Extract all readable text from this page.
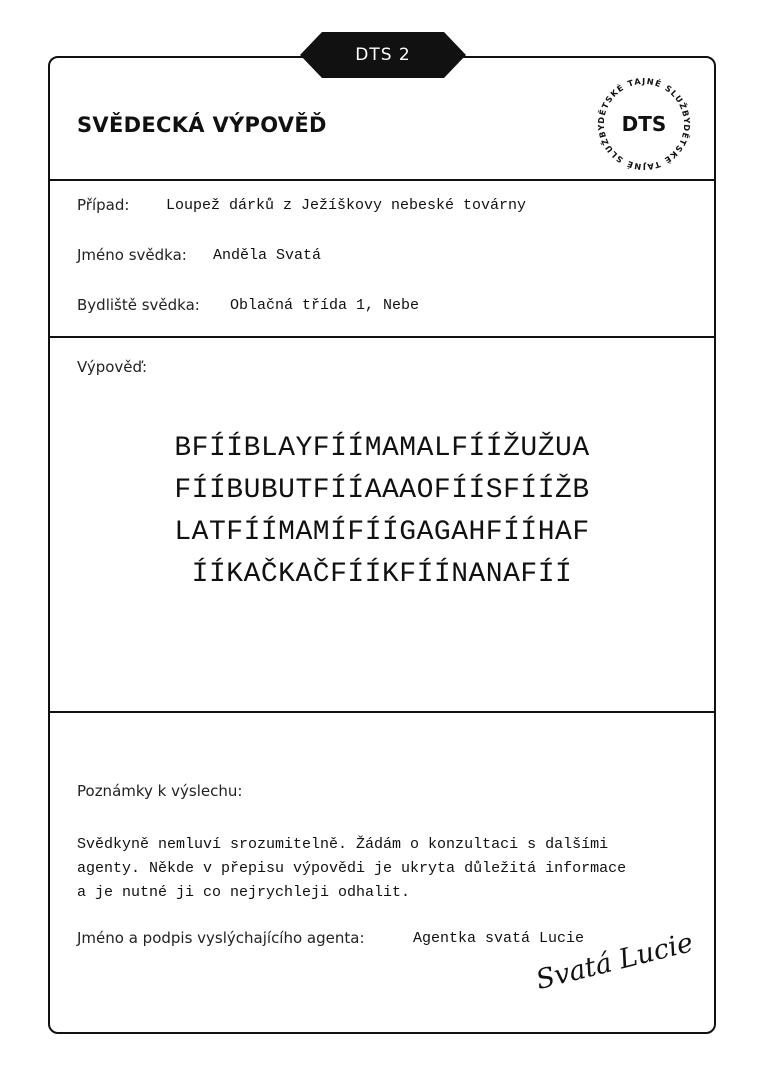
DTS 2
SVĚDECKÁ VÝPOVĚĎ	DĚTSKÉ TAJNÉ SLUŽBY
DĚTSKÉ TAJNÉ SLUŽBY DTS
Případ: Loupež dárků z Ježíškovy nebeské továrny
Jméno svědka: Anděla Svatá
Bydliště svědka: Oblačná třída 1, Nebe
Výpověď:
BFÍÍBLAYFÍÍMAMALFÍÍŽUŽUA
FÍÍBUBUTFÍÍAAAOFÍÍSFÍÍŽB
LATFÍÍMAMÍFÍÍGAGAHFÍÍHAF
ÍÍKAČKAČFÍÍKFÍÍNANAFÍÍ
Poznámky k výslechu:
Svědkyně nemluví srozumitelně. Žádám o konzultaci s dalšími
agenty. Někde v přepisu výpovědi je ukryta důležitá informace
a je nutné ji co nejrychleji odhalit.
Jméno a podpis vyslýchajícího agenta:	Agentka svatá Lucie
Svatá Lucie
